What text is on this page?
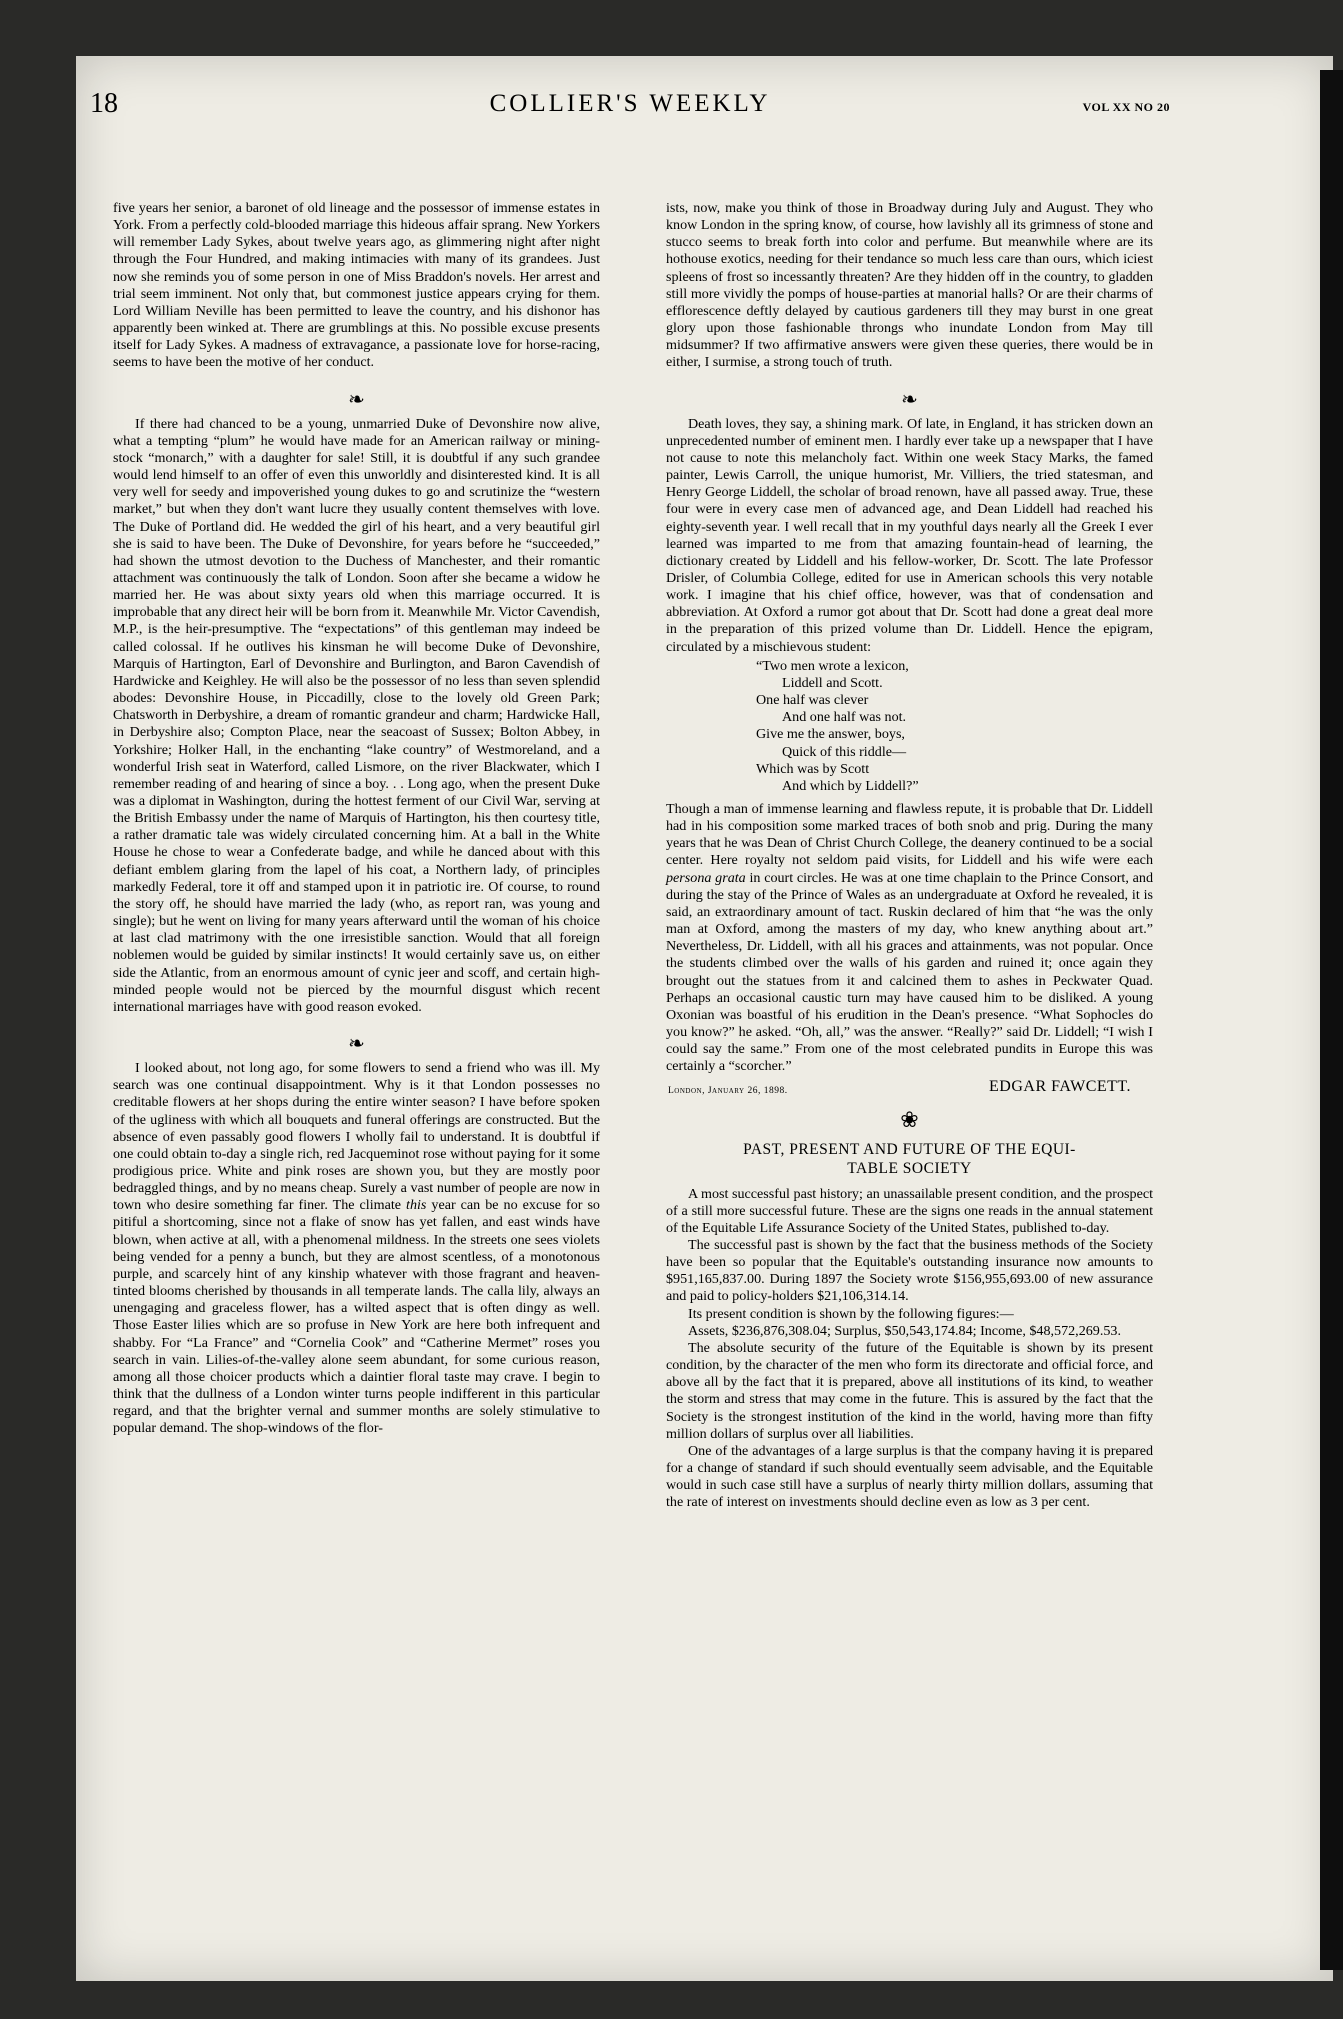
18	COLLIER'S WEEKLY	VOL XX NO 20

five years her senior, a baronet of old lineage and the possessor of immense estates in York. From a perfectly cold-blooded marriage this hideous affair sprang. New Yorkers will remember Lady Sykes, about twelve years ago, as glimmering night after night through the Four Hundred, and making intimacies with many of its grandees. Just now she reminds you of some person in one of Miss Braddon's novels. Her arrest and trial seem imminent. Not only that, but commonest justice appears crying for them. Lord William Neville has been permitted to leave the country, and his dishonor has apparently been winked at. There are grumblings at this. No possible excuse presents itself for Lady Sykes. A madness of extravagance, a passionate love for horse-racing, seems to have been the motive of her conduct.

❧

If there had chanced to be a young, unmarried Duke of Devonshire now alive, what a tempting “plum” he would have made for an American railway or mining-stock “monarch,” with a daughter for sale! Still, it is doubtful if any such grandee would lend himself to an offer of even this unworldly and disinterested kind. It is all very well for seedy and impoverished young dukes to go and scrutinize the “western market,” but when they don't want lucre they usually content themselves with love. The Duke of Portland did. He wedded the girl of his heart, and a very beautiful girl she is said to have been. The Duke of Devonshire, for years before he “succeeded,” had shown the utmost devotion to the Duchess of Manchester, and their romantic attachment was continuously the talk of London. Soon after she became a widow he married her. He was about sixty years old when this marriage occurred. It is improbable that any direct heir will be born from it. Meanwhile Mr. Victor Cavendish, M.P., is the heir-presumptive. The “expectations” of this gentleman may indeed be called colossal. If he outlives his kinsman he will become Duke of Devonshire, Marquis of Hartington, Earl of Devonshire and Burlington, and Baron Cavendish of Hardwicke and Keighley. He will also be the possessor of no less than seven splendid abodes: Devonshire House, in Piccadilly, close to the lovely old Green Park; Chatsworth in Derbyshire, a dream of romantic grandeur and charm; Hardwicke Hall, in Derbyshire also; Compton Place, near the seacoast of Sussex; Bolton Abbey, in Yorkshire; Holker Hall, in the enchanting “lake country” of Westmoreland, and a wonderful Irish seat in Waterford, called Lismore, on the river Blackwater, which I remember reading of and hearing of since a boy. . . Long ago, when the present Duke was a diplomat in Washington, during the hottest ferment of our Civil War, serving at the British Embassy under the name of Marquis of Hartington, his then courtesy title, a rather dramatic tale was widely circulated concerning him. At a ball in the White House he chose to wear a Confederate badge, and while he danced about with this defiant emblem glaring from the lapel of his coat, a Northern lady, of principles markedly Federal, tore it off and stamped upon it in patriotic ire. Of course, to round the story off, he should have married the lady (who, as report ran, was young and single); but he went on living for many years afterward until the woman of his choice at last clad matrimony with the one irresistible sanction. Would that all foreign noblemen would be guided by similar instincts! It would certainly save us, on either side the Atlantic, from an enormous amount of cynic jeer and scoff, and certain high-minded people would not be pierced by the mournful disgust which recent international marriages have with good reason evoked.

❧

I looked about, not long ago, for some flowers to send a friend who was ill. My search was one continual disappointment. Why is it that London possesses no creditable flowers at her shops during the entire winter season? I have before spoken of the ugliness with which all bouquets and funeral offerings are constructed. But the absence of even passably good flowers I wholly fail to understand. It is doubtful if one could obtain to-day a single rich, red Jacqueminot rose without paying for it some prodigious price. White and pink roses are shown you, but they are mostly poor bedraggled things, and by no means cheap. Surely a vast number of people are now in town who desire something far finer. The climate this year can be no excuse for so pitiful a shortcoming, since not a flake of snow has yet fallen, and east winds have blown, when active at all, with a phenomenal mildness. In the streets one sees violets being vended for a penny a bunch, but they are almost scentless, of a monotonous purple, and scarcely hint of any kinship whatever with those fragrant and heaven-tinted blooms cherished by thousands in all temperate lands. The calla lily, always an unengaging and graceless flower, has a wilted aspect that is often dingy as well. Those Easter lilies which are so profuse in New York are here both infrequent and shabby. For “La France” and “Cornelia Cook” and “Catherine Mermet” roses you search in vain. Lilies-of-the-valley alone seem abundant, for some curious reason, among all those choicer products which a daintier floral taste may crave. I begin to think that the dullness of a London winter turns people indifferent in this particular regard, and that the brighter vernal and summer months are solely stimulative to popular demand. The shop-windows of the flor-

ists, now, make you think of those in Broadway during July and August. They who know London in the spring know, of course, how lavishly all its grimness of stone and stucco seems to break forth into color and perfume. But meanwhile where are its hothouse exotics, needing for their tendance so much less care than ours, which iciest spleens of frost so incessantly threaten? Are they hidden off in the country, to gladden still more vividly the pomps of house-parties at manorial halls? Or are their charms of efflorescence deftly delayed by cautious gardeners till they may burst in one great glory upon those fashionable throngs who inundate London from May till midsummer? If two affirmative answers were given these queries, there would be in either, I surmise, a strong touch of truth.

❧

Death loves, they say, a shining mark. Of late, in England, it has stricken down an unprecedented number of eminent men. I hardly ever take up a newspaper that I have not cause to note this melancholy fact. Within one week Stacy Marks, the famed painter, Lewis Carroll, the unique humorist, Mr. Villiers, the tried statesman, and Henry George Liddell, the scholar of broad renown, have all passed away. True, these four were in every case men of advanced age, and Dean Liddell had reached his eighty-seventh year. I well recall that in my youthful days nearly all the Greek I ever learned was imparted to me from that amazing fountain-head of learning, the dictionary created by Liddell and his fellow-worker, Dr. Scott. The late Professor Drisler, of Columbia College, edited for use in American schools this very notable work. I imagine that his chief office, however, was that of condensation and abbreviation. At Oxford a rumor got about that Dr. Scott had done a great deal more in the preparation of this prized volume than Dr. Liddell. Hence the epigram, circulated by a mischievous student:

“Two men wrote a lexicon,
Liddell and Scott.
One half was clever
And one half was not.
Give me the answer, boys,
Quick of this riddle—
Which was by Scott
And which by Liddell?”

Though a man of immense learning and flawless repute, it is probable that Dr. Liddell had in his composition some marked traces of both snob and prig. During the many years that he was Dean of Christ Church College, the deanery continued to be a social center. Here royalty not seldom paid visits, for Liddell and his wife were each persona grata in court circles. He was at one time chaplain to the Prince Consort, and during the stay of the Prince of Wales as an undergraduate at Oxford he revealed, it is said, an extraordinary amount of tact. Ruskin declared of him that “he was the only man at Oxford, among the masters of my day, who knew anything about art.” Nevertheless, Dr. Liddell, with all his graces and attainments, was not popular. Once the students climbed over the walls of his garden and ruined it; once again they brought out the statues from it and calcined them to ashes in Peckwater Quad. Perhaps an occasional caustic turn may have caused him to be disliked. A young Oxonian was boastful of his erudition in the Dean's presence. “What Sophocles do you know?” he asked. “Oh, all,” was the answer. “Really?” said Dr. Liddell; “I wish I could say the same.” From one of the most celebrated pundits in Europe this was certainly a “scorcher.”

London, January 26, 1898.	EDGAR FAWCETT.
❀
PAST, PRESENT AND FUTURE OF THE EQUI-
TABLE SOCIETY

A most successful past history; an unassailable present condition, and the prospect of a still more successful future. These are the signs one reads in the annual statement of the Equitable Life Assurance Society of the United States, published to-day.

The successful past is shown by the fact that the business methods of the Society have been so popular that the Equitable's outstanding insurance now amounts to $951,165,837.00. During 1897 the Society wrote $156,955,693.00 of new assurance and paid to policy-holders $21,106,314.14.

Its present condition is shown by the following figures:—

Assets, $236,876,308.04; Surplus, $50,543,174.84; Income, $48,572,269.53.

The absolute security of the future of the Equitable is shown by its present condition, by the character of the men who form its directorate and official force, and above all by the fact that it is prepared, above all institutions of its kind, to weather the storm and stress that may come in the future. This is assured by the fact that the Society is the strongest institution of the kind in the world, having more than fifty million dollars of surplus over all liabilities.

One of the advantages of a large surplus is that the company having it is prepared for a change of standard if such should eventually seem advisable, and the Equitable would in such case still have a surplus of nearly thirty million dollars, assuming that the rate of interest on investments should decline even as low as 3 per cent.
